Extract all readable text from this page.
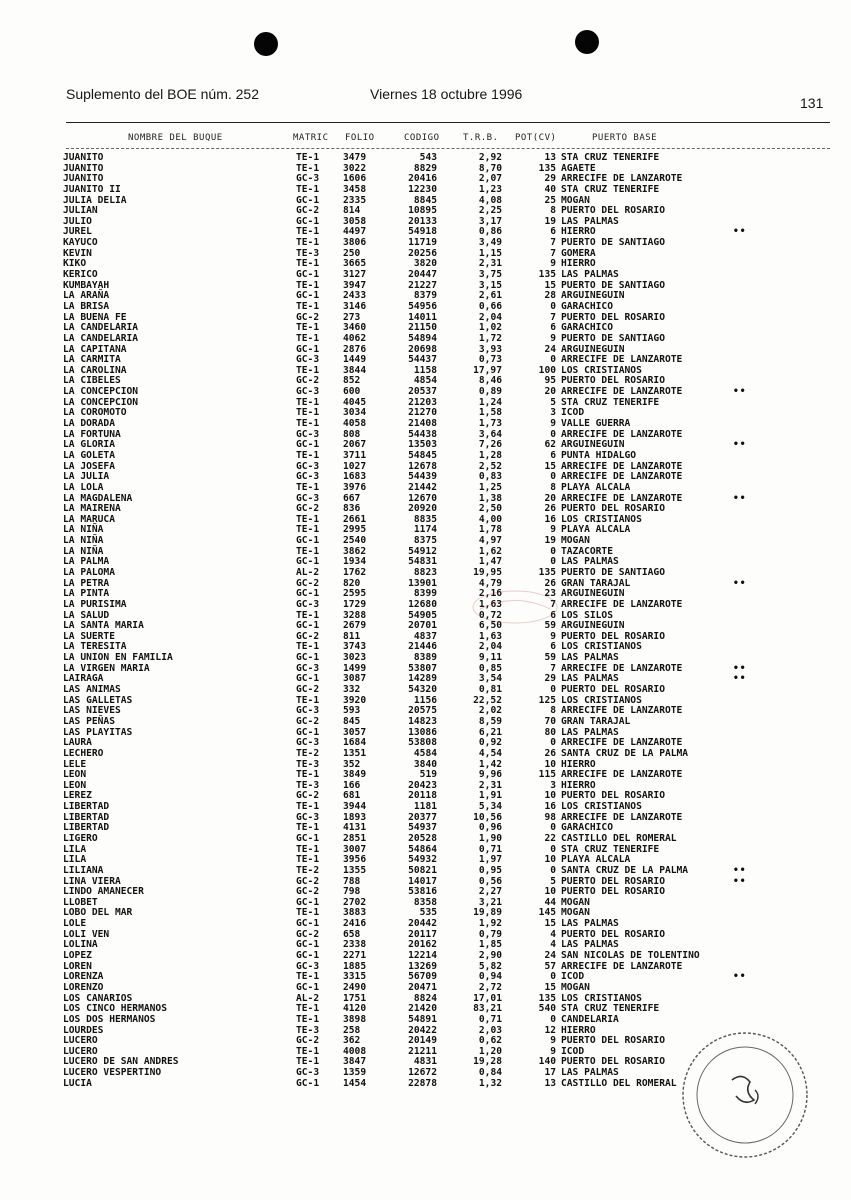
Suplemento del BOE núm. 252	Viernes 18 octubre 1996
131
NOMBRE DEL BUQUE	MATRIC FOLIO	CODIGO	T.R.B. POT(CV)	PUERTO BASE
JUANITO	TE-1 3479	543	2,92	13 STA CRUZ TENERIFE
JUANITO	TE-1 3022	8829	8,70	135 AGAETE
JUANITO	GC-3 1606	20416	2,07	29 ARRECIFE DE LANZAROTE
JUANITO II	TE-1 3458	12230	1,23	40 STA CRUZ TENERIFE
JULIA DELIA	GC-1 2335	8845	4,08	25 MOGAN
JULIAN	GC-2 814	10895	2,25	8 PUERTO DEL ROSARIO
JULIO	GC-1 3058	20133	3,17	19 LAS PALMAS
JUREL	TE-1 4497	54918	0,86	6 HIERRO	••
KAYUCO	TE-1 3806	11719	3,49	7 PUERTO DE SANTIAGO
KEVIN	TE-3 250	20256	1,15	7 GOMERA
KIKO	TE-1 3665	3820	2,31	9 HIERRO
KERICO	GC-1 3127	20447	3,75	135 LAS PALMAS
KUMBAYAH	TE-1 3947	21227	3,15	15 PUERTO DE SANTIAGO
LA ARAÑA	GC-1 2433	8379	2,61	28 ARGUINEGUIN
LA BRISA	TE-1 3146	54956	0,66	0 GARACHICO
LA BUENA FE	GC-2 273	14011	2,04	7 PUERTO DEL ROSARIO
LA CANDELARIA	TE-1 3460	21150	1,02	6 GARACHICO
LA CANDELARIA	TE-1 4062	54894	1,72	9 PUERTO DE SANTIAGO
LA CAPITANA	GC-1 2876	20698	3,93	24 ARGUINEGUIN
LA CARMITA	GC-3 1449	54437	0,73	0 ARRECIFE DE LANZAROTE
LA CAROLINA	TE-1 3844	1158	17,97	100 LOS CRISTIANOS
LA CIBELES	GC-2 852	4854	8,46	95 PUERTO DEL ROSARIO
LA CONCEPCION	GC-3 600	20537	0,89	20 ARRECIFE DE LANZAROTE	••
LA CONCEPCION	TE-1 4045	21203	1,24	5 STA CRUZ TENERIFE
LA COROMOTO	TE-1 3034	21270	1,58	3 ICOD
LA DORADA	TE-1 4058	21408	1,73	9 VALLE GUERRA
LA FORTUNA	GC-3 808	54438	3,64	0 ARRECIFE DE LANZAROTE
LA GLORIA	GC-1 2067	13503	7,26	62 ARGUINEGUIN	••
LA GOLETA	TE-1 3711	54845	1,28	6 PUNTA HIDALGO
LA JOSEFA	GC-3 1027	12678	2,52	15 ARRECIFE DE LANZAROTE
LA JULIA	GC-3 1683	54439	0,83	0 ARRECIFE DE LANZAROTE
LA LOLA	TE-1 3976	21442	1,25	8 PLAYA ALCALA
LA MAGDALENA	GC-3 667	12670	1,38	20 ARRECIFE DE LANZAROTE	••
LA MAIRENA	GC-2 836	20920	2,50	26 PUERTO DEL ROSARIO
LA MARUCA	TE-1 2661	8835	4,00	16 LOS CRISTIANOS
LA NIÑA	TE-1 2995	1174	1,78	9 PLAYA ALCALA
LA NIÑA	GC-1 2540	8375	4,97	19 MOGAN
LA NIÑA	TE-1 3862	54912	1,62	0 TAZACORTE
LA PALMA	GC-1 1934	54831	1,47	0 LAS PALMAS
LA PALOMA	AL-2 1762	8823	19,95	135 PUERTO DE SANTIAGO
LA PETRA	GC-2 820	13901	4,79	26 GRAN TARAJAL	••
LA PINTA	GC-1 2595	8399	2,16	23 ARGUINEGUIN
LA PURISIMA	GC-3 1729	12680	1,63	7 ARRECIFE DE LANZAROTE
LA SALUD	TE-1 3288	54905	0,72	6 LOS SILOS
LA SANTA MARIA	GC-1 2679	20701	6,50	59 ARGUINEGUIN
LA SUERTE	GC-2 811	4837	1,63	9 PUERTO DEL ROSARIO
LA TERESITA	TE-1 3743	21446	2,04	6 LOS CRISTIANOS
LA UNION EN FAMILIA	GC-1 3023	8389	9,11	59 LAS PALMAS
LA VIRGEN MARIA	GC-3 1499	53807	0,85	7 ARRECIFE DE LANZAROTE	••
LAIRAGA	GC-1 3087	14289	3,54	29 LAS PALMAS	••
LAS ANIMAS	GC-2 332	54320	0,81	0 PUERTO DEL ROSARIO
LAS GALLETAS	TE-1 3920	1156	22,52	125 LOS CRISTIANOS
LAS NIEVES	GC-3 593	20575	2,02	8 ARRECIFE DE LANZAROTE
LAS PEÑAS	GC-2 845	14823	8,59	70 GRAN TARAJAL
LAS PLAYITAS	GC-1 3057	13086	6,21	80 LAS PALMAS
LAURA	GC-3 1684	53808	0,92	0 ARRECIFE DE LANZAROTE
LECHERO	TE-2 1351	4584	4,54	26 SANTA CRUZ DE LA PALMA
LELE	TE-3 352	3840	1,42	10 HIERRO
LEON	TE-1 3849	519	9,96	115 ARRECIFE DE LANZAROTE
LEON	TE-3 166	20423	2,31	3 HIERRO
LEREZ	GC-2 681	20118	1,91	10 PUERTO DEL ROSARIO
LIBERTAD	TE-1 3944	1181	5,34	16 LOS CRISTIANOS
LIBERTAD	GC-3 1893	20377	10,56	98 ARRECIFE DE LANZAROTE
LIBERTAD	TE-1 4131	54937	0,96	0 GARACHICO
LIGERO	GC-1 2851	20528	1,90	22 CASTILLO DEL ROMERAL
LILA	TE-1 3007	54864	0,71	0 STA CRUZ TENERIFE
LILA	TE-1 3956	54932	1,97	10 PLAYA ALCALA
LILIANA	TE-2 1355	50821	0,95	0 SANTA CRUZ DE LA PALMA	••
LINA VIERA	GC-2 788	14017	0,56	5 PUERTO DEL ROSARIO	••
LINDO AMANECER	GC-2 798	53816	2,27	10 PUERTO DEL ROSARIO
LLOBET	GC-1 2702	8358	3,21	44 MOGAN
LOBO DEL MAR	TE-1 3883	535	19,89	145 MOGAN
LOLE	GC-1 2416	20442	1,92	15 LAS PALMAS
LOLI VEN	GC-2 658	20117	0,79	4 PUERTO DEL ROSARIO
LOLINA	GC-1 2338	20162	1,85	4 LAS PALMAS
LOPEZ	GC-1 2271	12214	2,90	24 SAN NICOLAS DE TOLENTINO
LOREN	GC-3 1885	13269	5,82	57 ARRECIFE DE LANZAROTE
LORENZA	TE-1 3315	56709	0,94	0 ICOD	••
LORENZO	GC-1 2490	20471	2,72	15 MOGAN
LOS CANARIOS	AL-2 1751	8824	17,01	135 LOS CRISTIANOS
LOS CINCO HERMANOS	TE-1 4120	21420	83,21	540 STA CRUZ TENERIFE
LOS DOS HERMANOS	TE-1 3898	54891	0,71	0 CANDELARIA
LOURDES	TE-3 258	20422	2,03	12 HIERRO
LUCERO	GC-2 362	20149	0,62	9 PUERTO DEL ROSARIO
LUCERO	TE-1 4008	21211	1,20	9 ICOD
LUCERO DE SAN ANDRES	TE-1 3847	4831	19,28	140 PUERTO DEL ROSARIO
LUCERO VESPERTINO	GC-3 1359	12672	0,84	17 LAS PALMAS
LUCIA	GC-1 1454	22878	1,32	13 CASTILLO DEL ROMERAL
